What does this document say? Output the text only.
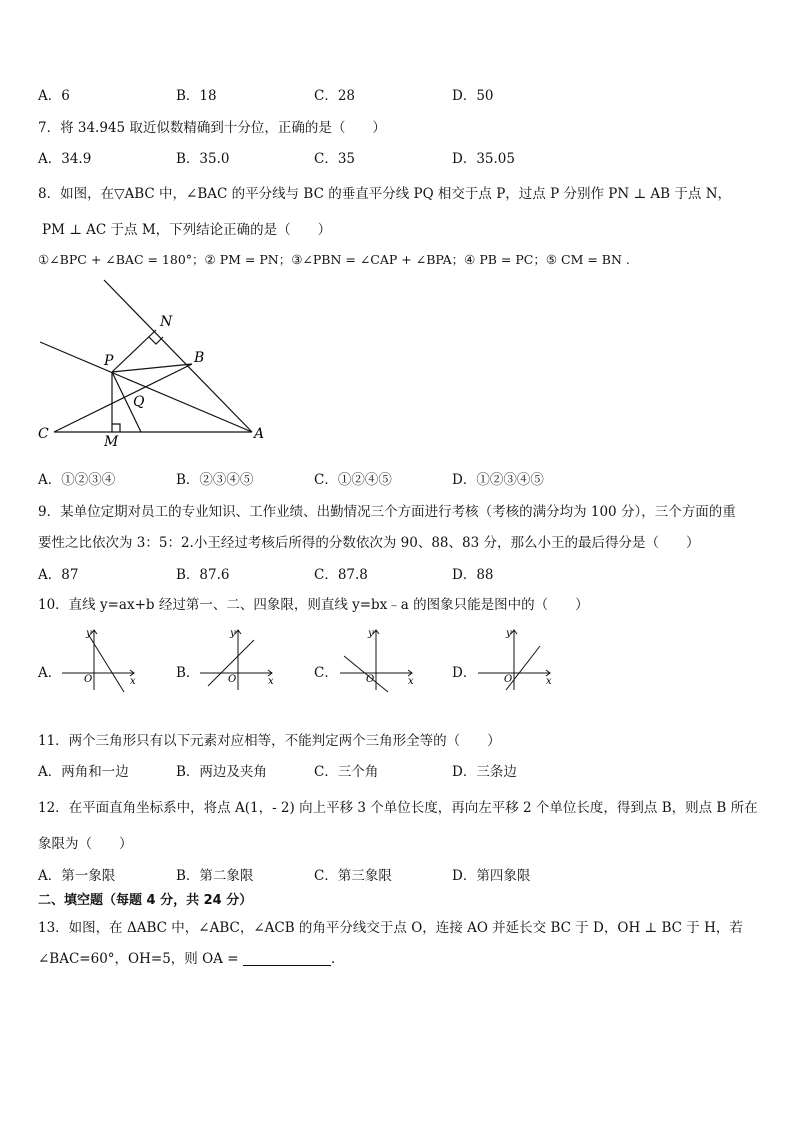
A．6	B．18	C．28	D．50
7．将 34.945 取近似数精确到十分位，正确的是（　　）
A．34.9	B．35.0	C．35	D．35.05
8．如图，在▽ABC 中，∠BAC 的平分线与 BC 的垂直平分线 PQ 相交于点 P，过点 P 分别作 PN ⊥ AB 于点 N，
PM ⊥ AC 于点 M，下列结论正确的是（　　）
①∠BPC + ∠BAC = 180°；② PM = PN；③∠PBN = ∠CAP + ∠BPA；④ PB = PC；⑤ CM = BN .
N
P	B
Q
C	M	A
A．①②③④	B．②③④⑤	C．①②④⑤	D．①②③④⑤
9．某单位定期对员工的专业知识、工作业绩、出勤情况三个方面进行考核（考核的满分均为 100 分），三个方面的重
要性之比依次为 3：5：2.小王经过考核后所得的分数依次为 90、88、83 分，那么小王的最后得分是（　　）
A．87	B．87.6	C．87.8	D．88
10．直线 y=ax+b 经过第一、二、四象限，则直线 y=bx﹣a 的图象只能是图中的（　　）
A．	B．	C．	D．
y
x
O
y
x
O
y
x
O
y
x
O
11．两个三角形只有以下元素对应相等，不能判定两个三角形全等的（　　）
A．两角和一边	B．两边及夹角	C．三个角	D．三条边
12．在平面直角坐标系中，将点 A(1，- 2) 向上平移 3 个单位长度，再向左平移 2 个单位长度，得到点 B，则点 B 所在
象限为（　　）
A．第一象限	B．第二象限	C．第三象限	D．第四象限
二、填空题（每题 4 分，共 24 分）
13．如图，在 ΔABC 中，∠ABC，∠ACB 的角平分线交于点 O，连接 AO 并延长交 BC 于 D，OH ⊥ BC 于 H，若
∠BAC=60°，OH=5，则 OA =	.
